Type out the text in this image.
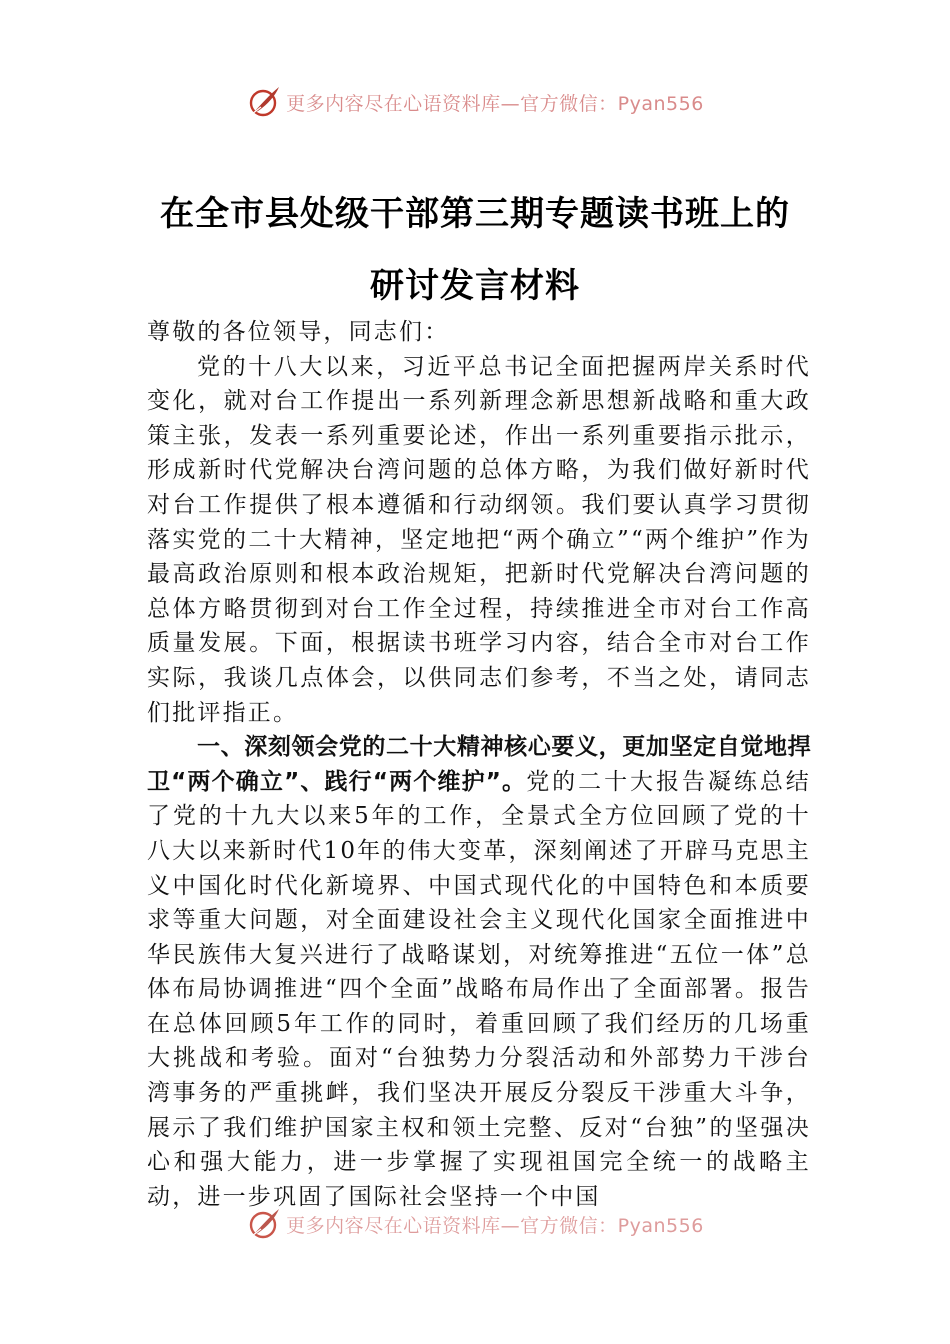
更多内容尽在心语资料库—官方微信：Pyan556
在全市县处级干部第三期专题读书班上的
研讨发言材料

尊敬的各位领导，同志们：

党的十八大以来，习近平总书记全面把握两岸关系时代变化，就对台工作提出一系列新理念新思想新战略和重大政策主张，发表一系列重要论述，作出一系列重要指示批示，形成新时代党解决台湾问题的总体方略，为我们做好新时代对台工作提供了根本遵循和行动纲领。我们要认真学习贯彻落实党的二十大精神，坚定地把“两个确立”“两个维护”作为最高政治原则和根本政治规矩，把新时代党解决台湾问题的总体方略贯彻到对台工作全过程，持续推进全市对台工作高质量发展。下面，根据读书班学习内容，结合全市对台工作实际，我谈几点体会，以供同志们参考，不当之处，请同志们批评指正。

一、深刻领会党的二十大精神核心要义，更加坚定自觉地捍卫“两个确立”、践行“两个维护”。党的二十大报告凝练总结了党的十九大以来5年的工作，全景式全方位回顾了党的十八大以来新时代10年的伟大变革，深刻阐述了开辟马克思主义中国化时代化新境界、中国式现代化的中国特色和本质要求等重大问题，对全面建设社会主义现代化国家全面推进中华民族伟大复兴进行了战略谋划，对统筹推进“五位一体”总体布局协调推进“四个全面”战略布局作出了全面部署。报告在总体回顾5年工作的同时，着重回顾了我们经历的几场重大挑战和考验。面对“台独势力分裂活动和外部势力干涉台湾事务的严重挑衅，我们坚决开展反分裂反干涉重大斗争，展示了我们维护国家主权和领土完整、反对“台独”的坚强决心和强大能力，进一步掌握了实现祖国完全统一的战略主动，进一步巩固了国际社会坚持一个中国

更多内容尽在心语资料库—官方微信：Pyan556
